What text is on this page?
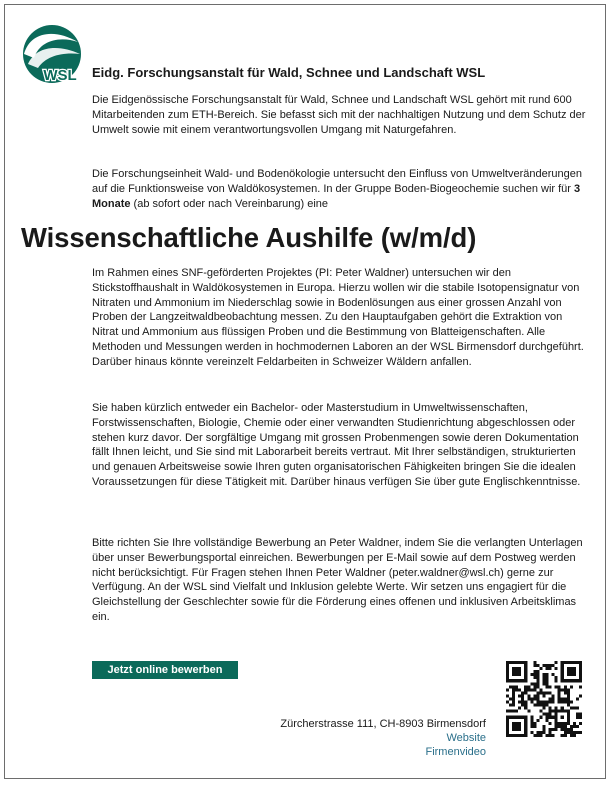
WSL Eidg. Forschungsanstalt für Wald, Schnee und Landschaft WSL

Die Eidgenössische Forschungsanstalt für Wald, Schnee und Landschaft WSL gehört mit rund 600 Mitarbeitenden zum ETH-Bereich. Sie befasst sich mit der nachhaltigen Nutzung und dem Schutz der Umwelt sowie mit einem verantwortungsvollen Umgang mit Naturgefahren.

Die Forschungseinheit Wald- und Bodenökologie untersucht den Einfluss von Umweltveränderungen auf die Funktionsweise von Waldökosystemen. In der Gruppe Boden-Biogeochemie suchen wir für 3 Monate (ab sofort oder nach Vereinbarung) eine

Wissenschaftliche Aushilfe (w/m/d)

Im Rahmen eines SNF-geförderten Projektes (PI: Peter Waldner) untersuchen wir den Stickstoffhaushalt in Waldökosystemen in Europa. Hierzu wollen wir die stabile Isotopensignatur von Nitraten und Ammonium im Niederschlag sowie in Bodenlösungen aus einer grossen Anzahl von Proben der Langzeitwaldbeobachtung messen. Zu den Hauptaufgaben gehört die Extraktion von Nitrat und Ammonium aus flüssigen Proben und die Bestimmung von Blatteigenschaften. Alle Methoden und Messungen werden in hochmodernen Laboren an der WSL Birmensdorf durchgeführt. Darüber hinaus könnte vereinzelt Feldarbeiten in Schweizer Wäldern anfallen.

Sie haben kürzlich entweder ein Bachelor- oder Masterstudium in Umweltwissenschaften, Forstwissenschaften, Biologie, Chemie oder einer verwandten Studienrichtung abgeschlossen oder stehen kurz davor. Der sorgfältige Umgang mit grossen Probenmengen sowie deren Dokumentation fällt Ihnen leicht, und Sie sind mit Laborarbeit bereits vertraut. Mit Ihrer selbständigen, strukturierten und genauen Arbeitsweise sowie Ihren guten organisatorischen Fähigkeiten bringen Sie die idealen Voraussetzungen für diese Tätigkeit mit. Darüber hinaus verfügen Sie über gute Englischkenntnisse.

Bitte richten Sie Ihre vollständige Bewerbung an Peter Waldner, indem Sie die verlangten Unterlagen über unser Bewerbungsportal einreichen. Bewerbungen per E-Mail sowie auf dem Postweg werden nicht berücksichtigt. Für Fragen stehen Ihnen Peter Waldner (peter.waldner@wsl.ch) gerne zur Verfügung. An der WSL sind Vielfalt und Inklusion gelebte Werte. Wir setzen uns engagiert für die Gleichstellung der Geschlechter sowie für die Förderung eines offenen und inklusiven Arbeitsklimas ein.

Jetzt online bewerben
Zürcherstrasse 111, CH-8903 Birmensdorf
Website
Firmenvideo
